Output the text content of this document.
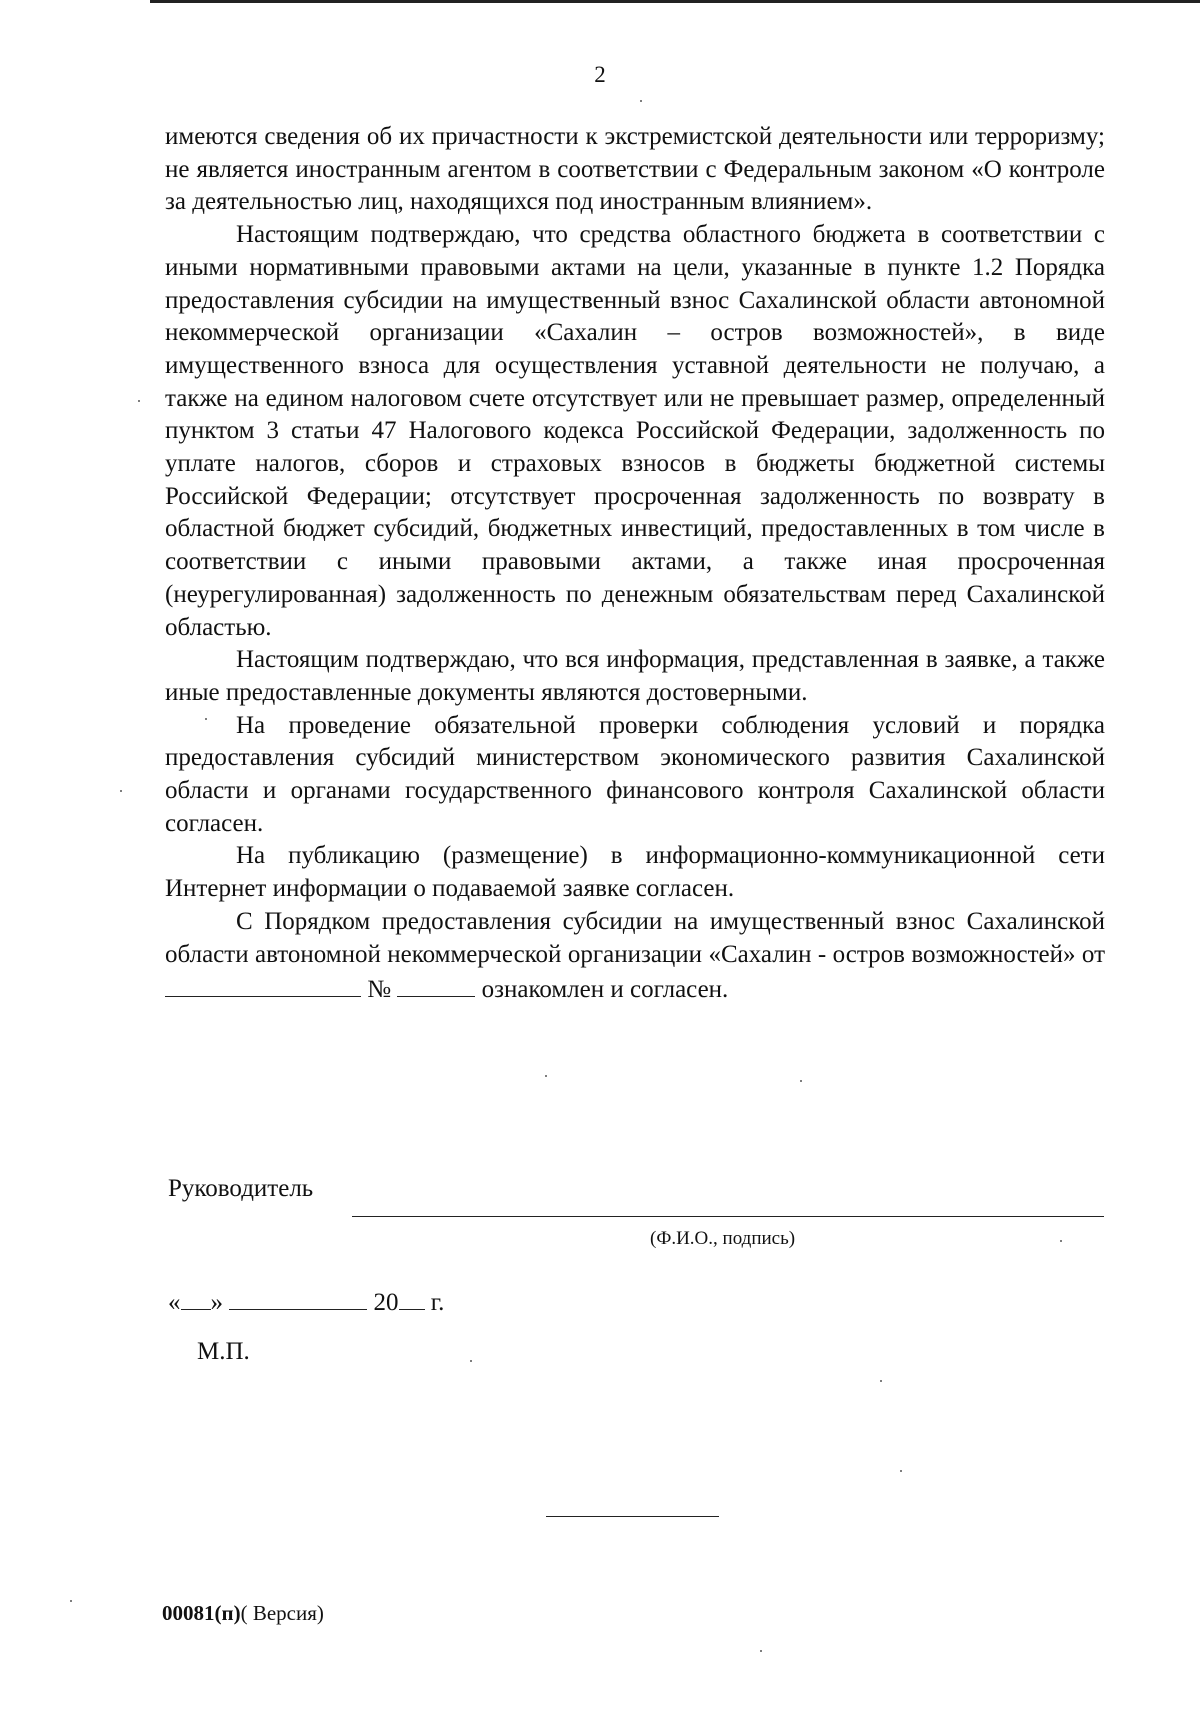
2

имеются сведения об их причастности к экстремистской деятельности или терроризму; не является иностранным агентом в соответствии с Федеральным законом «О контроле за деятельностью лиц, находящихся под иностранным влиянием».

Настоящим подтверждаю, что средства областного бюджета в соответствии с иными нормативными правовыми актами на цели, указанные в пункте 1.2 Порядка предоставления субсидии на имущественный взнос Сахалинской области автономной некоммерческой организации «Сахалин – остров возможностей», в виде имущественного взноса для осуществления уставной деятельности не получаю, а также на едином налоговом счете отсутствует или не превышает размер, определенный пунктом 3 статьи 47 Налогового кодекса Российской Федерации, задолженность по уплате налогов, сборов и страховых взносов в бюджеты бюджетной системы Российской Федерации; отсутствует просроченная задолженность по возврату в областной бюджет субсидий, бюджетных инвестиций, предоставленных в том числе в соответствии с иными правовыми актами, а также иная просроченная (неурегулированная) задолженность по денежным обязательствам перед Сахалинской областью.

Настоящим подтверждаю, что вся информация, представленная в заявке, а также иные предоставленные документы являются достоверными.

На проведение обязательной проверки соблюдения условий и порядка предоставления субсидий министерством экономического развития Сахалинской области и органами государственного финансового контроля Сахалинской области согласен.

На публикацию (размещение) в информационно-коммуникационной сети Интернет информации о подаваемой заявке согласен.

С Порядком предоставления субсидии на имущественный взнос Сахалинской области автономной некоммерческой организации «Сахалин - остров возможностей» от  №	ознакомлен и согласен.

Руководитель
(Ф.И.О., подпись)
« »	20 г.
М.П.
00081(п)( Версия)
